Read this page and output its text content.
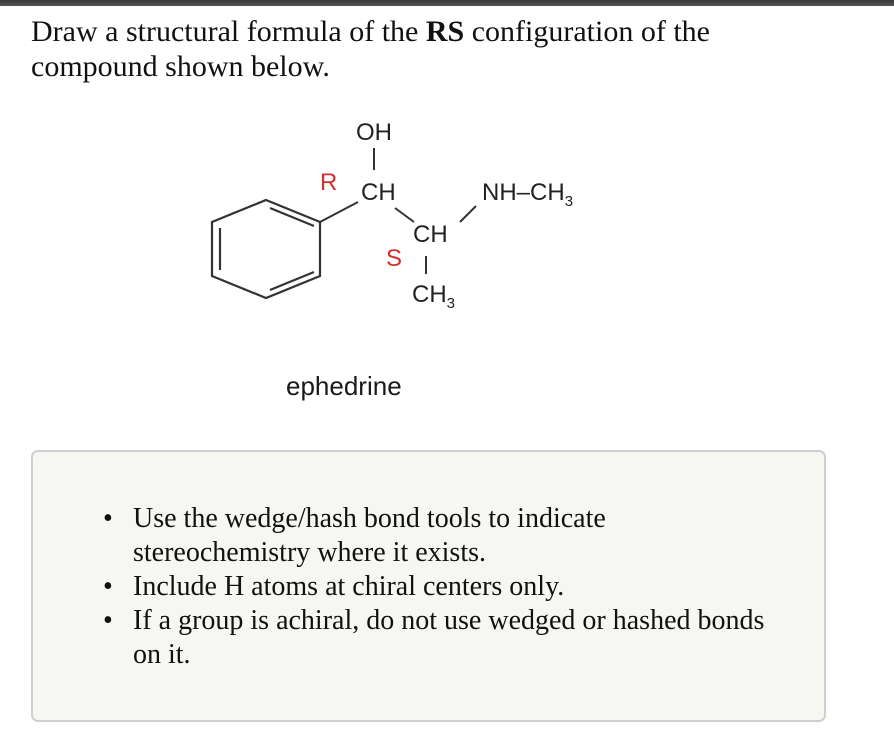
Draw a structural formula of the RS configuration of the compound shown below.

OH
CH
CH
$NH-CH_3$
$CH_3$
R
S
ephedrine
• Use the wedge/hash bond tools to indicate stereochemistry where it exists.
• Include H atoms at chiral centers only.
• If a group is achiral, do not use wedged or hashed bonds on it.
